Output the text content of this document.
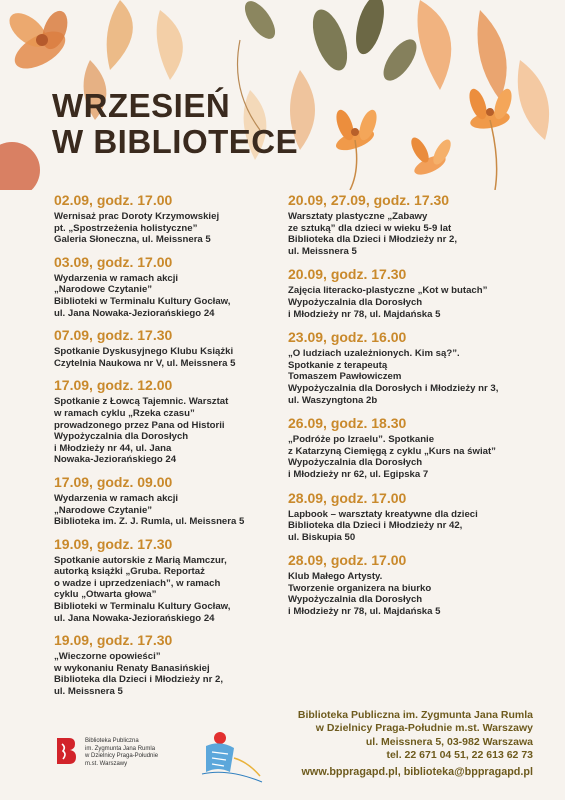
WRZESIEŃ
W BIBLIOTECE
02.09, godz. 17.00
Wernisaż prac Doroty Krzymowskiej
pt. „Spostrzeżenia holistyczne”
Galeria Słoneczna, ul. Meissnera 5
03.09, godz. 17.00
Wydarzenia w ramach akcji
„Narodowe Czytanie”
Biblioteki w Terminalu Kultury Gocław,
ul. Jana Nowaka-Jeziorańskiego 24
07.09, godz. 17.30
Spotkanie Dyskusyjnego Klubu Książki
Czytelnia Naukowa nr V, ul. Meissnera 5
17.09, godz. 12.00
Spotkanie z Łowcą Tajemnic. Warsztat
w ramach cyklu „Rzeka czasu”
prowadzonego przez Pana od Historii
Wypożyczalnia dla Dorosłych
i Młodzieży nr 44, ul. Jana
Nowaka-Jeziorańskiego 24
17.09, godz. 09.00
Wydarzenia w ramach akcji
„Narodowe Czytanie”
Biblioteka im. Z. J. Rumla, ul. Meissnera 5
19.09, godz. 17.30
Spotkanie autorskie z Marią Mamczur,
autorką książki „Gruba. Reportaż
o wadze i uprzedzeniach”, w ramach
cyklu „Otwarta głowa”
Biblioteki w Terminalu Kultury Gocław,
ul. Jana Nowaka-Jeziorańskiego 24
19.09, godz. 17.30
„Wieczorne opowieści”
w wykonaniu Renaty Banasińskiej
Biblioteka dla Dzieci i Młodzieży nr 2,
ul. Meissnera 5
20.09, 27.09, godz. 17.30
Warsztaty plastyczne „Zabawy
ze sztuką” dla dzieci w wieku 5-9 lat
Biblioteka dla Dzieci i Młodzieży nr 2,
ul. Meissnera 5
20.09, godz. 17.30
Zajęcia literacko-plastyczne „Kot w butach”
Wypożyczalnia dla Dorosłych
i Młodzieży nr 78, ul. Majdańska 5
23.09, godz. 16.00
„O ludziach uzależnionych. Kim są?”.
Spotkanie z terapeutą
Tomaszem Pawłowiczem
Wypożyczalnia dla Dorosłych i Młodzieży nr 3,
ul. Waszyngtona 2b
26.09, godz. 18.30
„Podróże po Izraelu”. Spotkanie
z Katarzyną Ciemięgą z cyklu „Kurs na świat”
Wypożyczalnia dla Dorosłych
i Młodzieży nr 62, ul. Egipska 7
28.09, godz. 17.00
Lapbook – warsztaty kreatywne dla dzieci
Biblioteka dla Dzieci i Młodzieży nr 42,
ul. Biskupia 50
28.09, godz. 17.00
Klub Małego Artysty.
Tworzenie organizera na biurko
Wypożyczalnia dla Dorosłych
i Młodzieży nr 78, ul. Majdańska 5
Biblioteka Publiczna
im. Zygmunta Jana Rumla
w Dzielnicy Praga-Południe
m.st. Warszawy
Biblioteka Publiczna im. Zygmunta Jana Rumla
w Dzielnicy Praga-Południe m.st. Warszawy
ul. Meissnera 5, 03-982 Warszawa
tel. 22 671 04 51, 22 613 62 73
www.bppragapd.pl, biblioteka@bppragapd.pl
